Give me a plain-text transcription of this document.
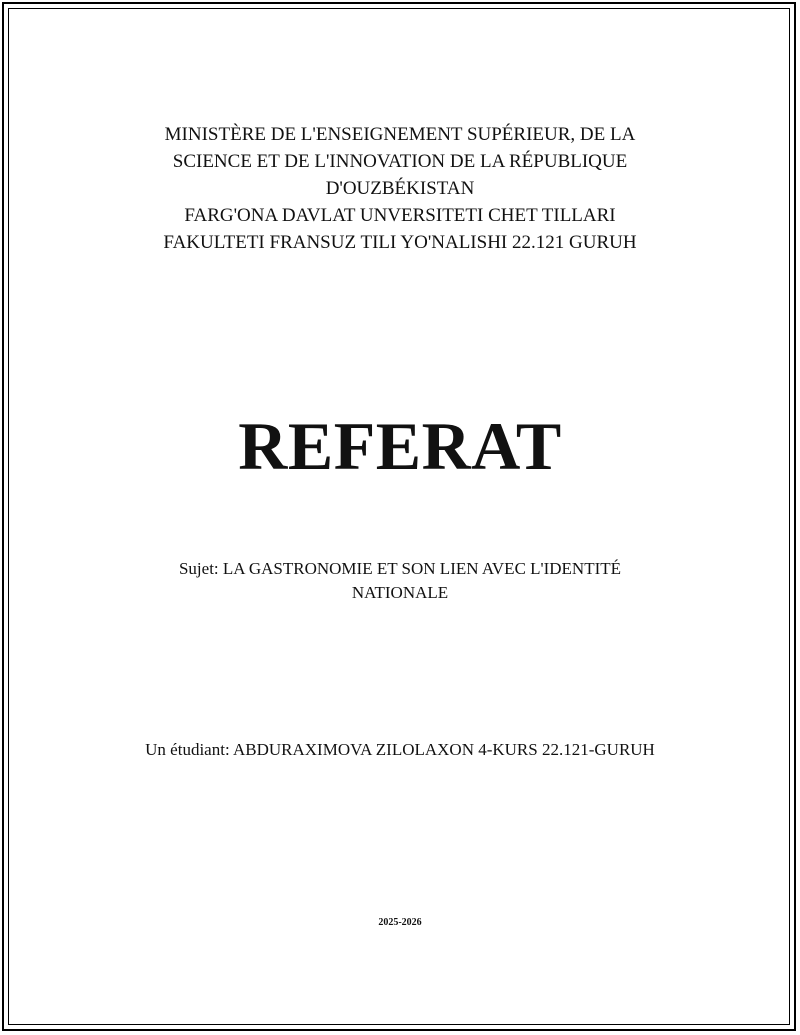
MINISTÈRE DE L'ENSEIGNEMENT SUPÉRIEUR, DE LA
SCIENCE ET DE L'INNOVATION DE LA RÉPUBLIQUE
D'OUZBÉKISTAN
FARG'ONA DAVLAT UNVERSITETI CHET TILLARI
FAKULTETI FRANSUZ TILI YO'NALISHI 22.121 GURUH
REFERAT
Sujet: LA GASTRONOMIE ET SON LIEN AVEC L'IDENTITÉ
NATIONALE
Un étudiant: ABDURAXIMOVA ZILOLAXON 4-KURS 22.121-GURUH
2025-2026
